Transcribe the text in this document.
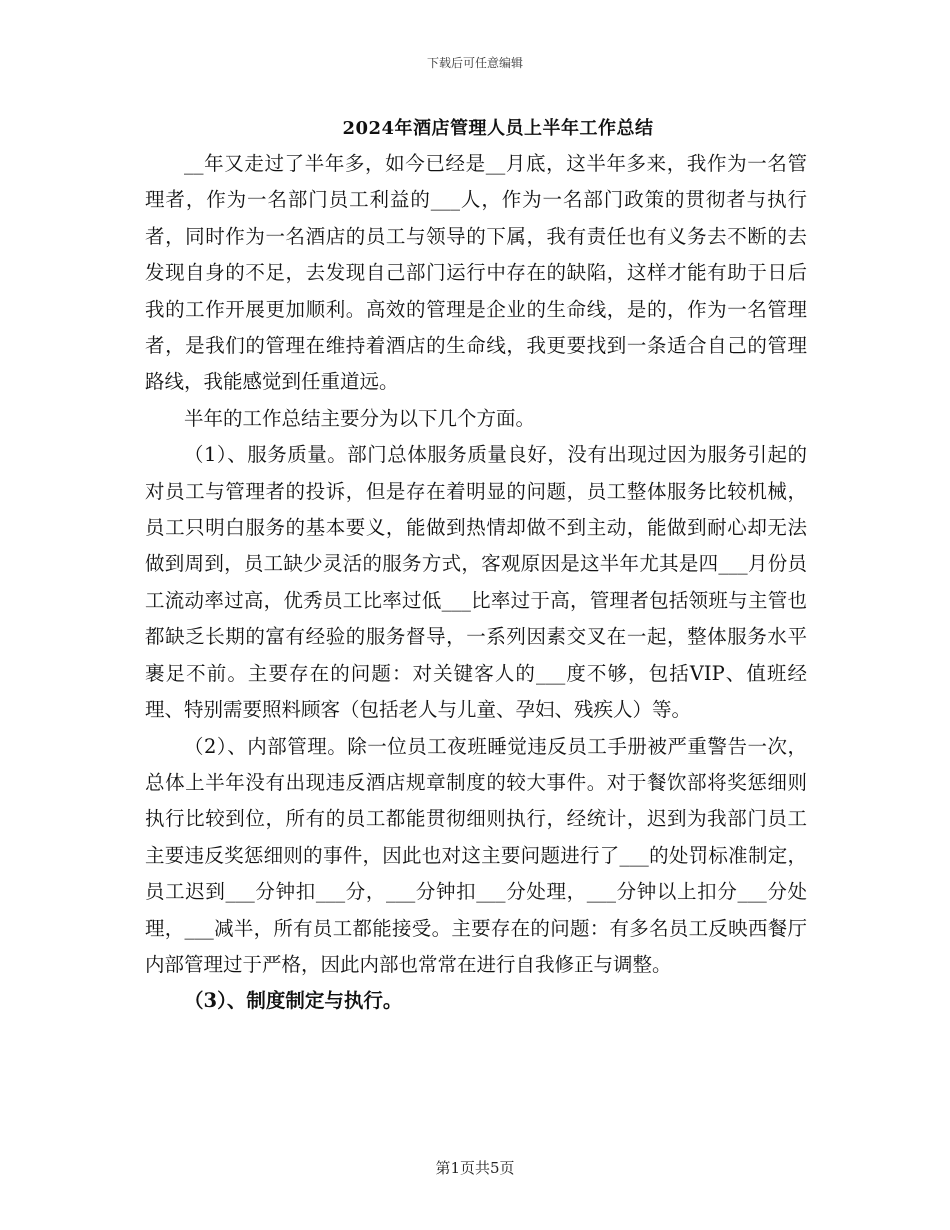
下载后可任意编辑
2024年酒店管理人员上半年工作总结

__年又走过了半年多，如今已经是__月底，这半年多来，我作为一名管理者，作为一名部门员工利益的___人，作为一名部门政策的贯彻者与执行者，同时作为一名酒店的员工与领导的下属，我有责任也有义务去不断的去发现自身的不足，去发现自己部门运行中存在的缺陷，这样才能有助于日后我的工作开展更加顺利。高效的管理是企业的生命线，是的，作为一名管理者，是我们的管理在维持着酒店的生命线，我更要找到一条适合自己的管理路线，我能感觉到任重道远。

半年的工作总结主要分为以下几个方面。

（1）、服务质量。部门总体服务质量良好，没有出现过因为服务引起的对员工与管理者的投诉，但是存在着明显的问题，员工整体服务比较机械，员工只明白服务的基本要义，能做到热情却做不到主动，能做到耐心却无法做到周到，员工缺少灵活的服务方式，客观原因是这半年尤其是四___月份员工流动率过高，优秀员工比率过低___比率过于高，管理者包括领班与主管也都缺乏长期的富有经验的服务督导，一系列因素交叉在一起，整体服务水平裹足不前。主要存在的问题：对关键客人的___度不够，包括VIP、值班经理、特别需要照料顾客（包括老人与儿童、孕妇、残疾人）等。

（2）、内部管理。除一位员工夜班睡觉违反员工手册被严重警告一次，总体上半年没有出现违反酒店规章制度的较大事件。对于餐饮部将奖惩细则执行比较到位，所有的员工都能贯彻细则执行，经统计，迟到为我部门员工主要违反奖惩细则的事件，因此也对这主要问题进行了___的处罚标准制定，员工迟到___分钟扣___分，___分钟扣___分处理，___分钟以上扣分___分处理，___减半，所有员工都能接受。主要存在的问题：有多名员工反映西餐厅内部管理过于严格，因此内部也常常在进行自我修正与调整。

（3）、制度制定与执行。

第1页共5页
